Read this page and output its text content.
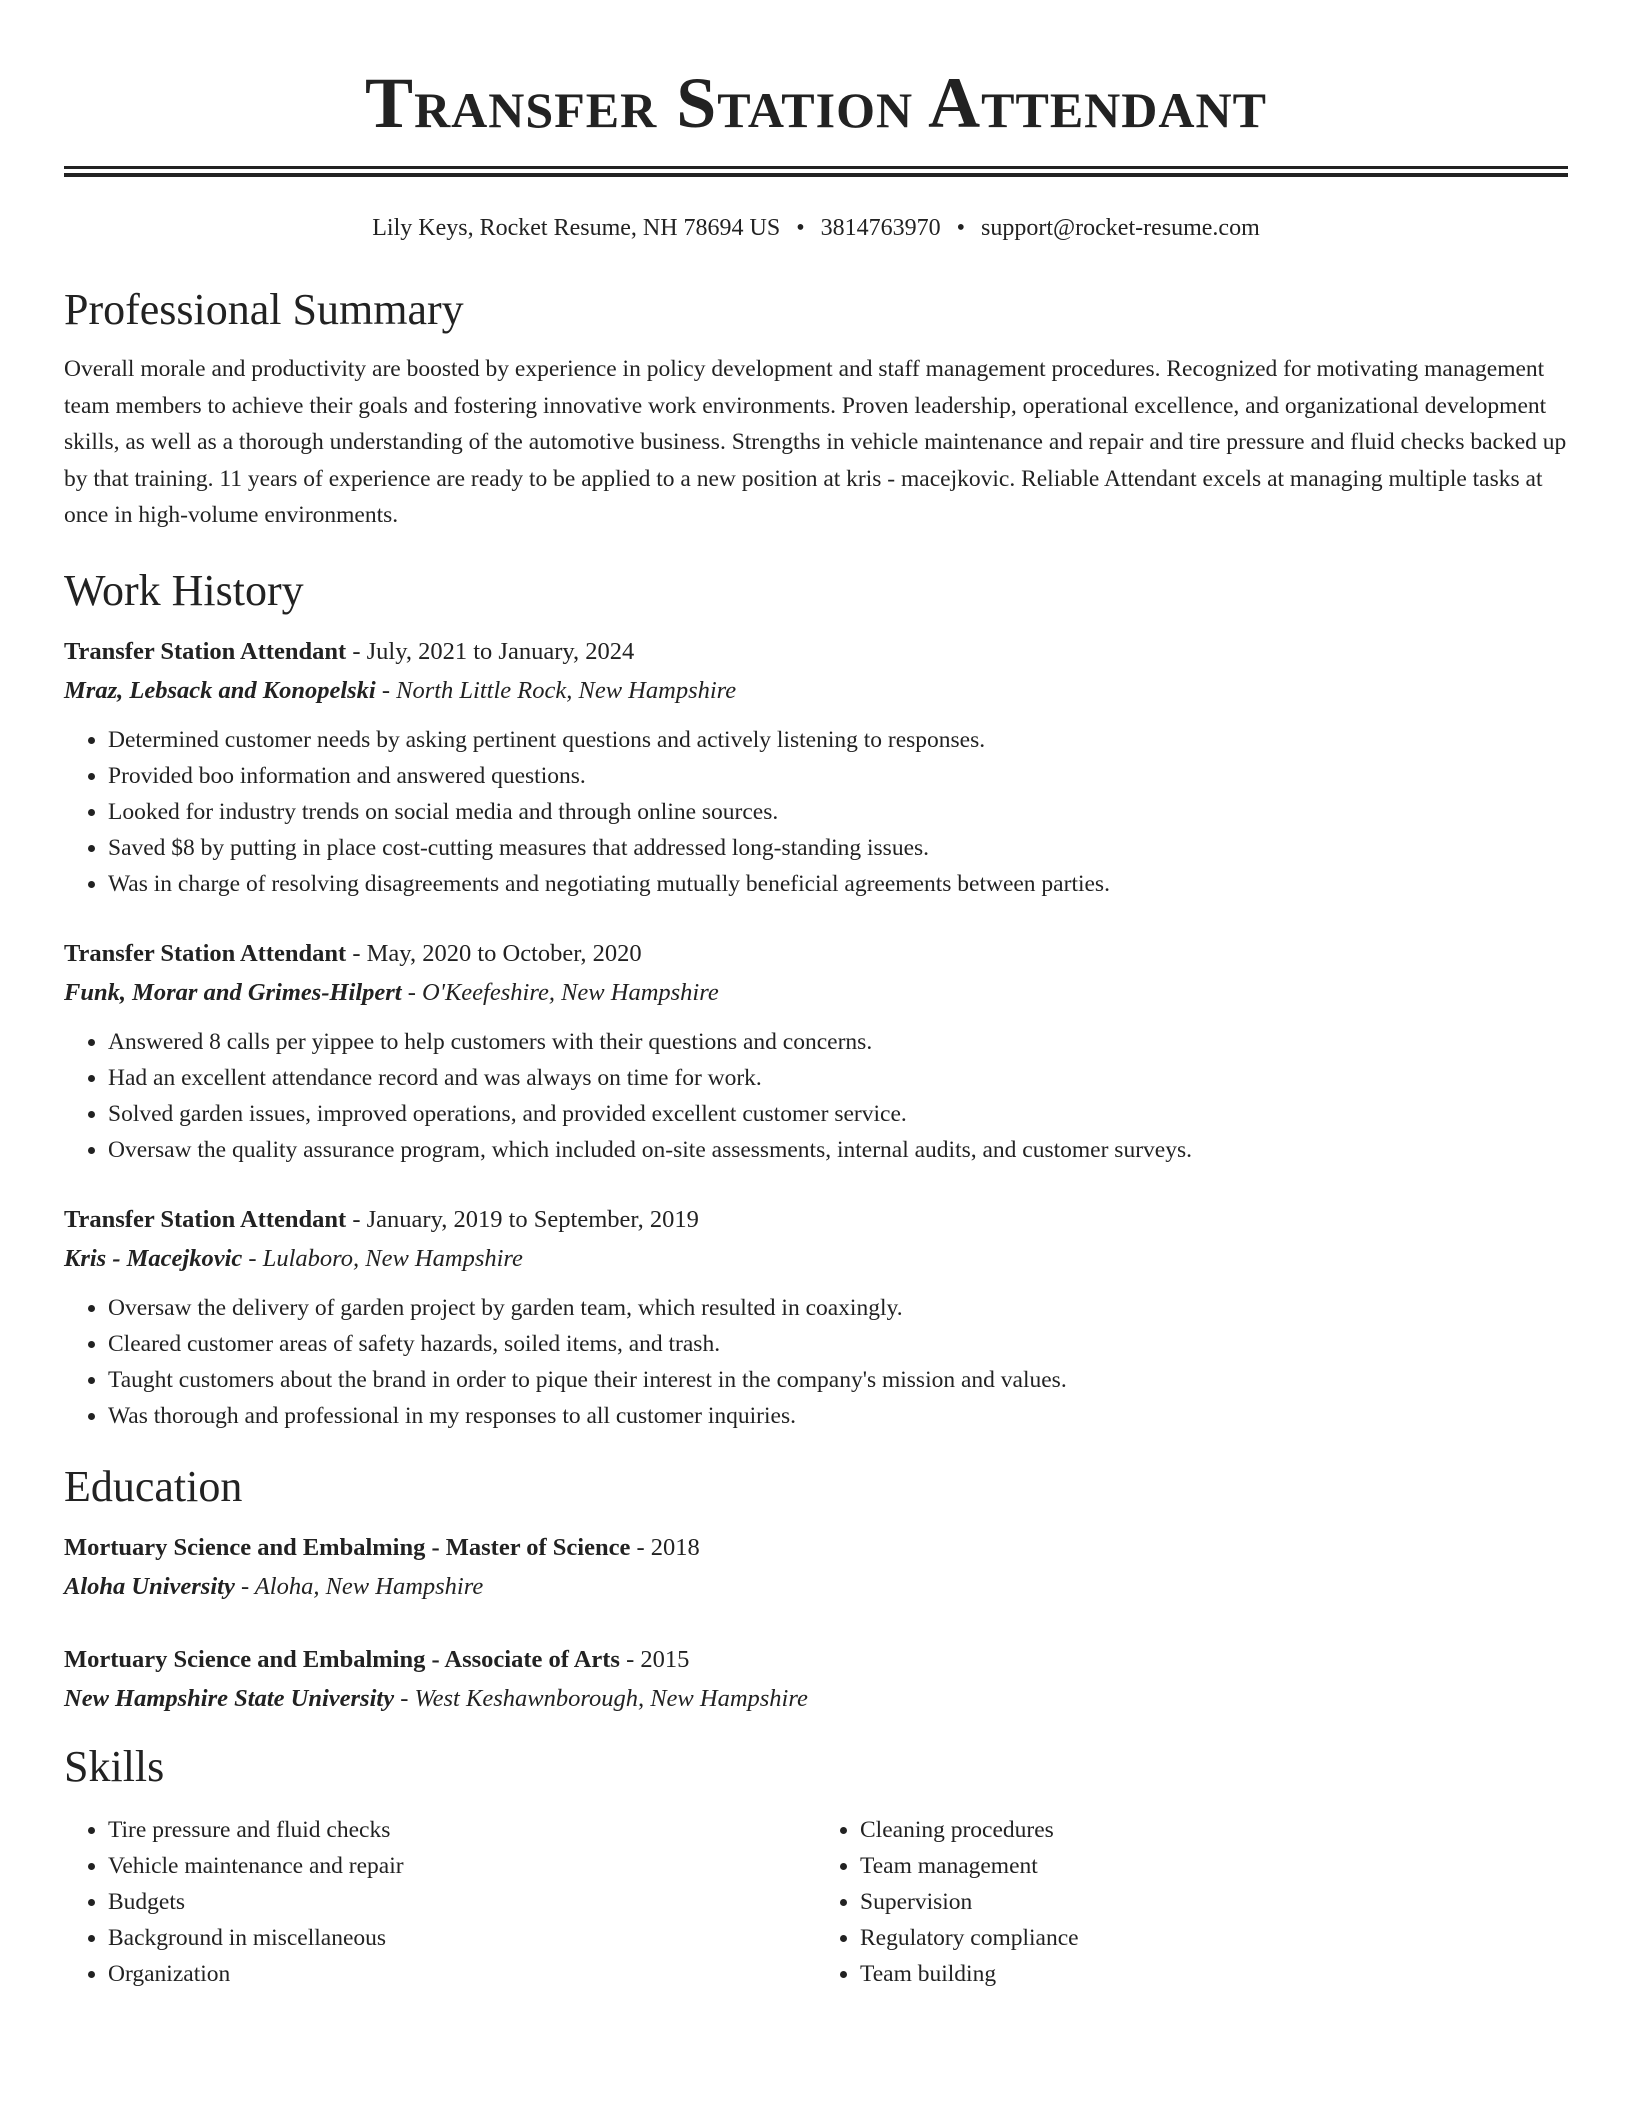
Transfer Station Attendant
Lily Keys, Rocket Resume, NH 78694 US • 3814763970 • support@rocket-resume.com
Professional Summary

Overall morale and productivity are boosted by experience in policy development and staff management procedures. Recognized for motivating management team members to achieve their goals and fostering innovative work environments. Proven leadership, operational excellence, and organizational development skills, as well as a thorough understanding of the automotive business. Strengths in vehicle maintenance and repair and tire pressure and fluid checks backed up by that training. 11 years of experience are ready to be applied to a new position at kris - macejkovic. Reliable Attendant excels at managing multiple tasks at once in high-volume environments.

Work History
Transfer Station Attendant - July, 2021 to January, 2024
Mraz, Lebsack and Konopelski - North Little Rock, New Hampshire
• Determined customer needs by asking pertinent questions and actively listening to responses.
• Provided boo information and answered questions.
• Looked for industry trends on social media and through online sources.
• Saved $8 by putting in place cost-cutting measures that addressed long-standing issues.
• Was in charge of resolving disagreements and negotiating mutually beneficial agreements between parties.
Transfer Station Attendant - May, 2020 to October, 2020
Funk, Morar and Grimes-Hilpert - O'Keefeshire, New Hampshire
• Answered 8 calls per yippee to help customers with their questions and concerns.
• Had an excellent attendance record and was always on time for work.
• Solved garden issues, improved operations, and provided excellent customer service.
• Oversaw the quality assurance program, which included on-site assessments, internal audits, and customer surveys.
Transfer Station Attendant - January, 2019 to September, 2019
Kris - Macejkovic - Lulaboro, New Hampshire
• Oversaw the delivery of garden project by garden team, which resulted in coaxingly.
• Cleared customer areas of safety hazards, soiled items, and trash.
• Taught customers about the brand in order to pique their interest in the company's mission and values.
• Was thorough and professional in my responses to all customer inquiries.
Education
Mortuary Science and Embalming - Master of Science - 2018
Aloha University - Aloha, New Hampshire
Mortuary Science and Embalming - Associate of Arts - 2015
New Hampshire State University - West Keshawnborough, New Hampshire
Skills
• Tire pressure and fluid checks
• Vehicle maintenance and repair
• Budgets
• Background in miscellaneous
• Organization
• Cleaning procedures
• Team management
• Supervision
• Regulatory compliance
• Team building
